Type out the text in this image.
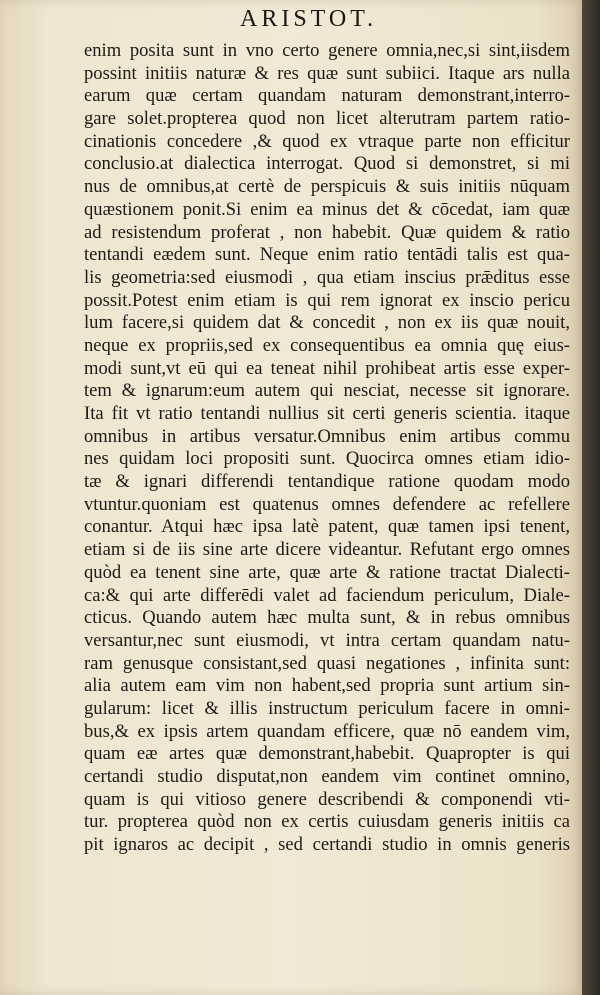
ARISTOT.
enim posita sunt in vno certo genere omnia,nec,si sint,iisdem
possint initiis naturæ & res quæ sunt subiici. Itaque ars nulla
earum quæ certam quandam naturam demonstrant,interro-
gare solet.propterea quod non licet alterutram partem ratio-
cinationis concedere ,& quod ex vtraque parte non efficitur
conclusio.at dialectica interrogat. Quod si demonstret, si mi
nus de omnibus,at certè de perspicuis & suis initiis nūquam
quæstionem ponit.Si enim ea minus det & cōcedat, iam quæ
ad resistendum proferat , non habebit. Quæ quidem & ratio
tentandi eædem sunt. Neque enim ratio tentādi talis est qua-
lis geometria:sed eiusmodi , qua etiam inscius prǣditus esse
possit.Potest enim etiam is qui rem ignorat ex inscio pericu
lum facere,si quidem dat & concedit , non ex iis quæ nouit,
neque ex propriis,sed ex consequentibus ea omnia quę eius-
modi sunt,vt eū qui ea teneat nihil prohibeat artis esse exper-
tem & ignarum:eum autem qui nesciat, necesse sit ignorare.
Ita fit vt ratio tentandi nullius sit certi generis scientia. itaque
omnibus in artibus versatur.Omnibus enim artibus commu
nes quidam loci propositi sunt. Quocirca omnes etiam idio-
tæ & ignari differendi tentandique ratione quodam modo
vtuntur.quoniam est quatenus omnes defendere ac refellere
conantur. Atqui hæc ipsa latè patent, quæ tamen ipsi tenent,
etiam si de iis sine arte dicere videantur. Refutant ergo omnes
quòd ea tenent sine arte, quæ arte & ratione tractat Dialecti-
ca:& qui arte differēdi valet ad faciendum periculum, Diale-
cticus. Quando autem hæc multa sunt, & in rebus omnibus
versantur,nec sunt eiusmodi, vt intra certam quandam natu-
ram genusque consistant,sed quasi negationes , infinita sunt:
alia autem eam vim non habent,sed propria sunt artium sin-
gularum: licet & illis instructum periculum facere in omni-
bus,& ex ipsis artem quandam efficere, quæ nō eandem vim,
quam eæ artes quæ demonstrant,habebit. Quapropter is qui
certandi studio disputat,non eandem vim continet omnino,
quam is qui vitioso genere describendi & componendi vti-
tur. propterea quòd non ex certis cuiusdam generis initiis ca
pit ignaros ac decipit , sed certandi studio in omnis generis
